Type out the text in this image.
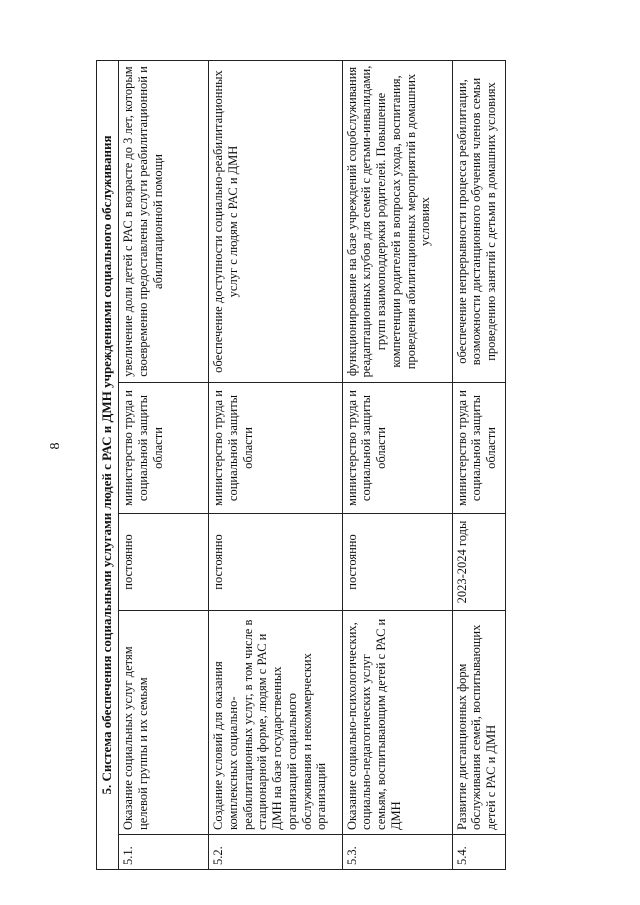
8	5. Система обеспечения социальными услугами людей с РАС и ДМН учреждениями социального обслуживания				
5.1.	Оказание социальных услуг детям целевой группы и их семьям	постоянно	министерство труда и социальной защиты области	увеличение доли детей с РАС в возрасте до 3 лет, которым своевременно предоставлены услуги реабилитационной и абилитационной помощи
5.2.	Создание условий для оказания комплексных социально-реабилитационных услуг, в том числе в стационарной форме, людям с РАС и ДМН на базе государственных организаций социального обслуживания и некоммерческих организаций	постоянно	министерство труда и социальной защиты области	обеспечение доступности социально-реабилитационных услуг с людям с РАС и ДМН
5.3.	Оказание социально-психологических, социально-педагогических услуг семьям, воспитывающим детей с РАС и ДМН	постоянно	министерство труда и социальной защиты области	функционирование на базе учреждений соцобслуживания реадаптационных клубов для семей с детьми-инвалидами, групп взаимоподдержки родителей. Повышение компетенции родителей в вопросах ухода, воспитания, проведения абилитационных мероприятий в домашних условиях
5.4.	Развитие дистанционных форм обслуживания семей, воспитывающих детей с РАС и ДМН	2023-2024 годы	министерство труда и социальной защиты области	обеспечение непрерывности процесса реабилитации, возможности дистанционного обучения членов семьи проведению занятий с детьми в домашних условиях
